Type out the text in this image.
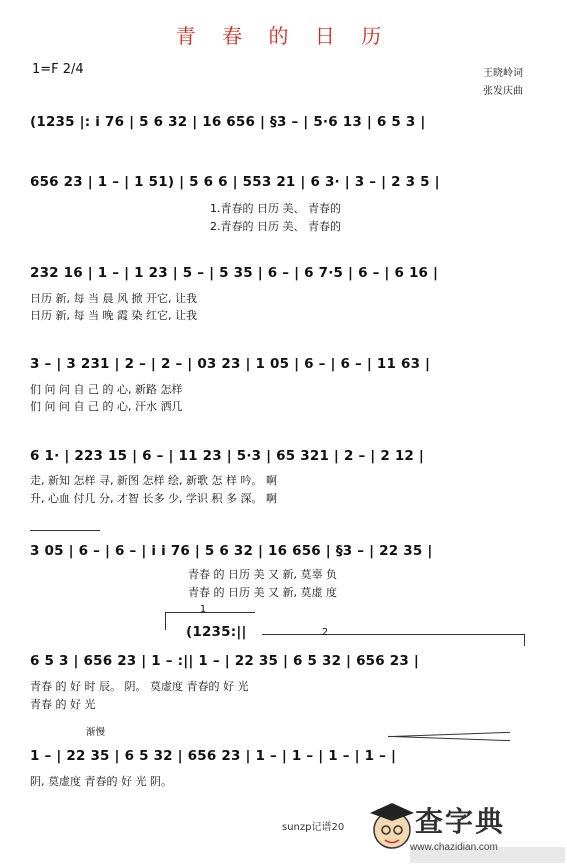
青 春 的 日 历
1=F 2/4	王晓岭词
张发庆曲
(1235 |: i 76 | 5 6 32 | 16 656 | §3 – | 5·6 13 | 6 5 3 |
656 23 | 1 – | 1 51) | 5 6 6 | 553 21 | 6 3· | 3 – | 2 3 5 |
1.青春的 日历 美、 青春的
2.青春的 日历 美、 青春的
232 16 | 1 – | 1 23 | 5 – | 5 35 | 6 – | 6 7·5 | 6 – | 6 16 |
日历 新, 每 当 晨 风 掀 开它, 让我
日历 新, 每 当 晚 霞 染 红它, 让我
3 – | 3 231 | 2 – | 2 – | 03 23 | 1 05 | 6 – | 6 – | 11 63 |
们 问 问 自 己 的 心, 新路 怎样
们 问 问 自 己 的 心, 汗水 洒几
6 1· | 223 15 | 6 – | 11 23 | 5·3 | 65 321 | 2 – | 2 12 |
走, 新知 怎样 寻, 新图 怎样 绘, 新歌 怎 样 吟。 啊
升, 心血 付几 分, 才智 长多 少, 学识 积 多 深。 啊
3 05 | 6 – | 6 – | i i 76 | 5 6 32 | 16 656 | §3 – | 22 35 |
青春 的 日历 美 又 新, 莫辜 负
青春 的 日历 美 又 新, 莫虚 度
1
(1235:||	2
6 5 3 | 656 23 | 1 – :|| 1 – | 22 35 | 6 5 32 | 656 23 |
青春 的 好 时 辰。 阴。 莫虚度 青春的 好 光
青春 的 好 光
渐慢
1 – | 22 35 | 6 5 32 | 656 23 | 1 – | 1 – | 1 – | 1 – |
阴, 莫虚度 青春的 好 光 阴。
sunzp记谱20	查字典
www.chazidian.com
